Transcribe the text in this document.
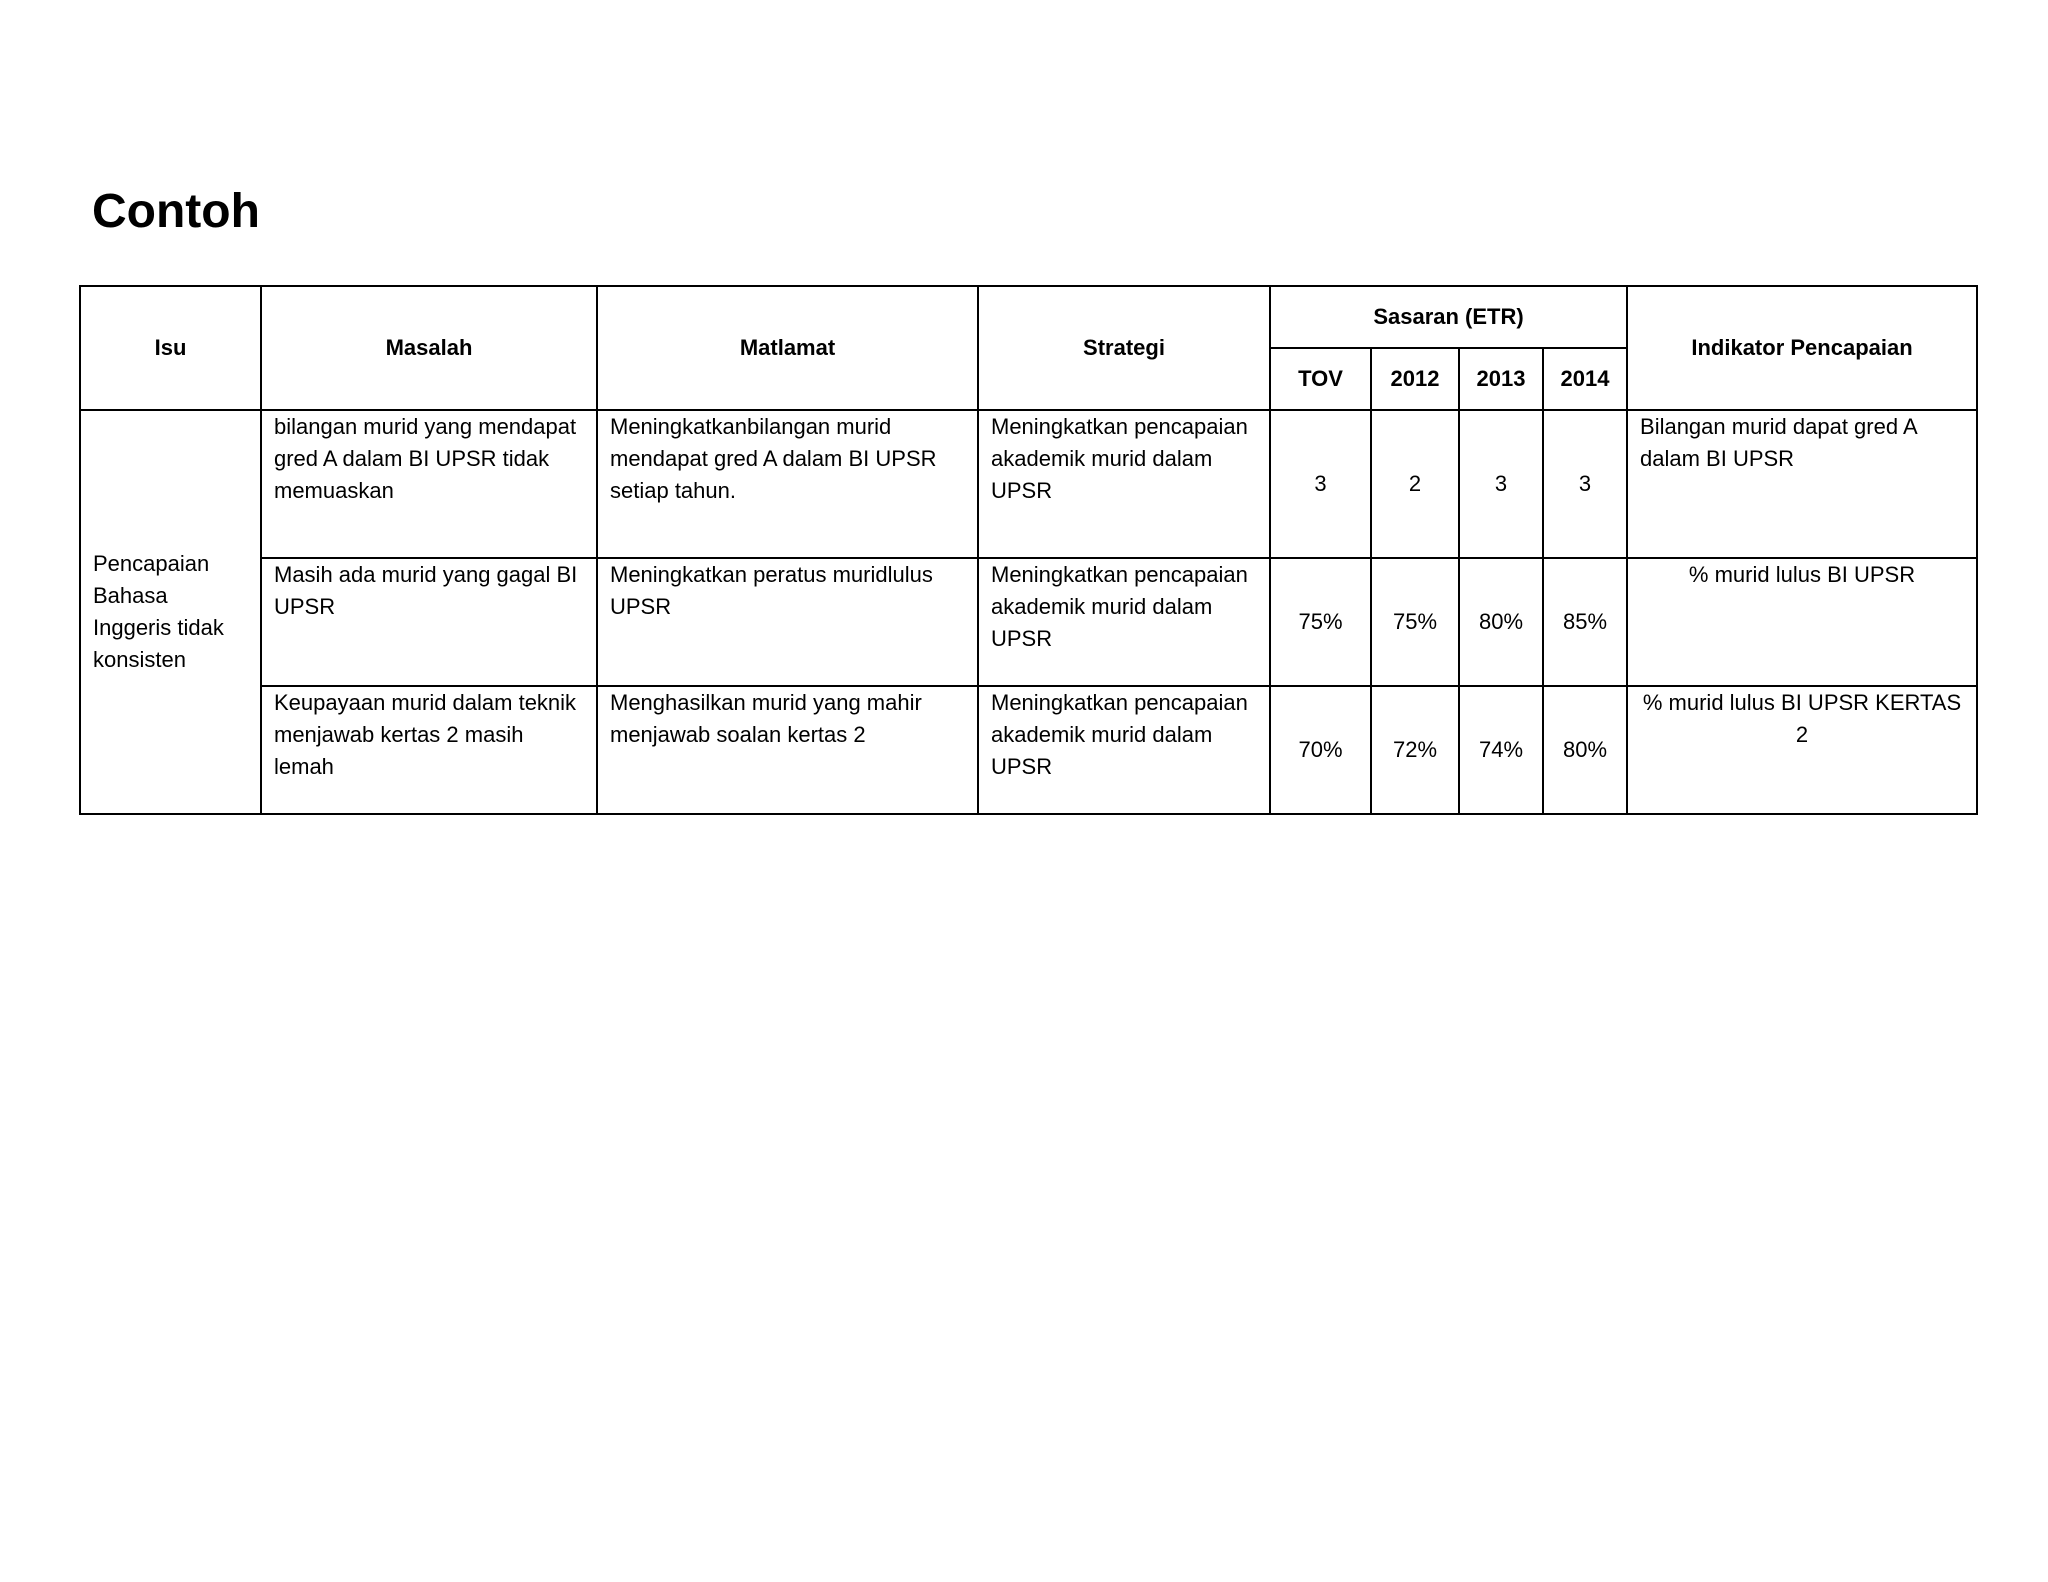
Contoh
Isu	Masalah	Matlamat	Strategi	Sasaran (ETR)				Indikator Pencapaian
				TOV	2012	2013	2014	
Pencapaian Bahasa Inggeris tidak konsisten	bilangan murid yang mendapat gred A dalam BI UPSR tidak memuaskan	Meningkatkanbilangan murid mendapat gred A dalam BI UPSR setiap tahun.	Meningkatkan pencapaian akademik murid dalam UPSR	3	2	3	3	Bilangan murid dapat gred A dalam BI UPSR
	Masih ada murid yang gagal BI UPSR	Meningkatkan peratus muridlulus UPSR	Meningkatkan pencapaian akademik murid dalam UPSR	75%	75%	80%	85%	% murid lulus BI UPSR
	Keupayaan murid dalam teknik menjawab kertas 2 masih lemah	Menghasilkan murid yang mahir menjawab soalan kertas 2	Meningkatkan pencapaian akademik murid dalam UPSR	70%	72%	74%	80%	% murid lulus BI UPSR KERTAS 2
